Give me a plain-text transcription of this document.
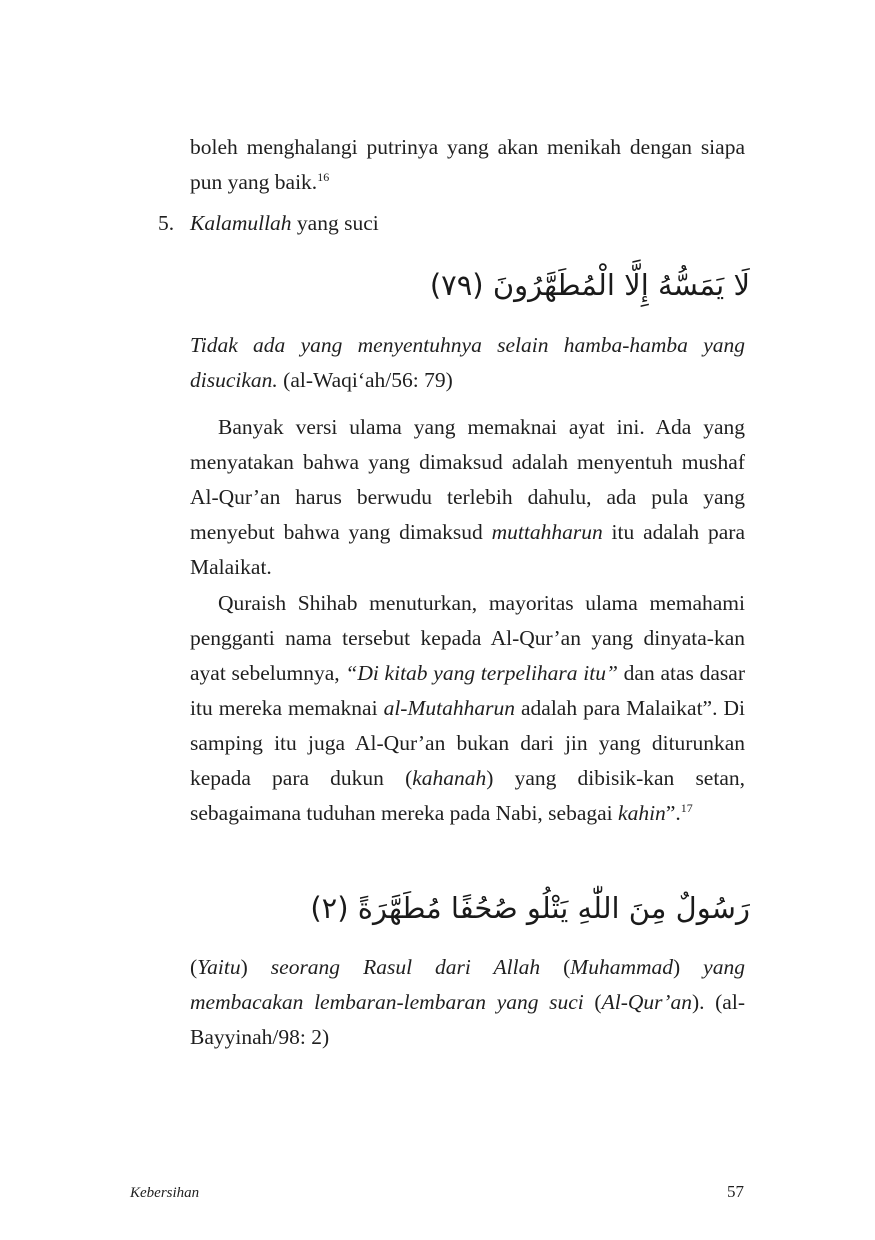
boleh menghalangi putrinya yang akan menikah dengan siapa pun yang baik.$^{16}$

5. Kalamullah yang suci
لَا يَمَسُّهُ إِلَّا الْمُطَهَّرُونَ (٧٩)

Tidak ada yang menyentuhnya selain hamba-hamba yang disucikan. (al-Waqi‘ah/56: 79)

Banyak versi ulama yang memaknai ayat ini. Ada yang menyatakan bahwa yang dimaksud adalah menyentuh mushaf Al-Qur’an harus berwudu terlebih dahulu, ada pula yang menyebut bahwa yang dimaksud muttahharun itu adalah para Malaikat.

Quraish Shihab menuturkan, mayoritas ulama memahami pengganti nama tersebut kepada Al-Qur’an yang dinyata-kan ayat sebelumnya, “Di kitab yang terpelihara itu” dan atas dasar itu mereka memaknai al-Mutahharun adalah para Malaikat”. Di samping itu juga Al-Qur’an bukan dari jin yang diturunkan kepada para dukun (kahanah) yang dibisik-kan setan, sebagaimana tuduhan mereka pada Nabi, sebagai kahin”.$^{17}$

رَسُولٌ مِنَ اللّٰهِ يَتْلُو صُحُفًا مُطَهَّرَةً (٢)

(Yaitu) seorang Rasul dari Allah (Muhammad) yang membacakan lembaran-lembaran yang suci (Al-Qur’an). (al-Bayyinah/98: 2)

Kebersihan	57
